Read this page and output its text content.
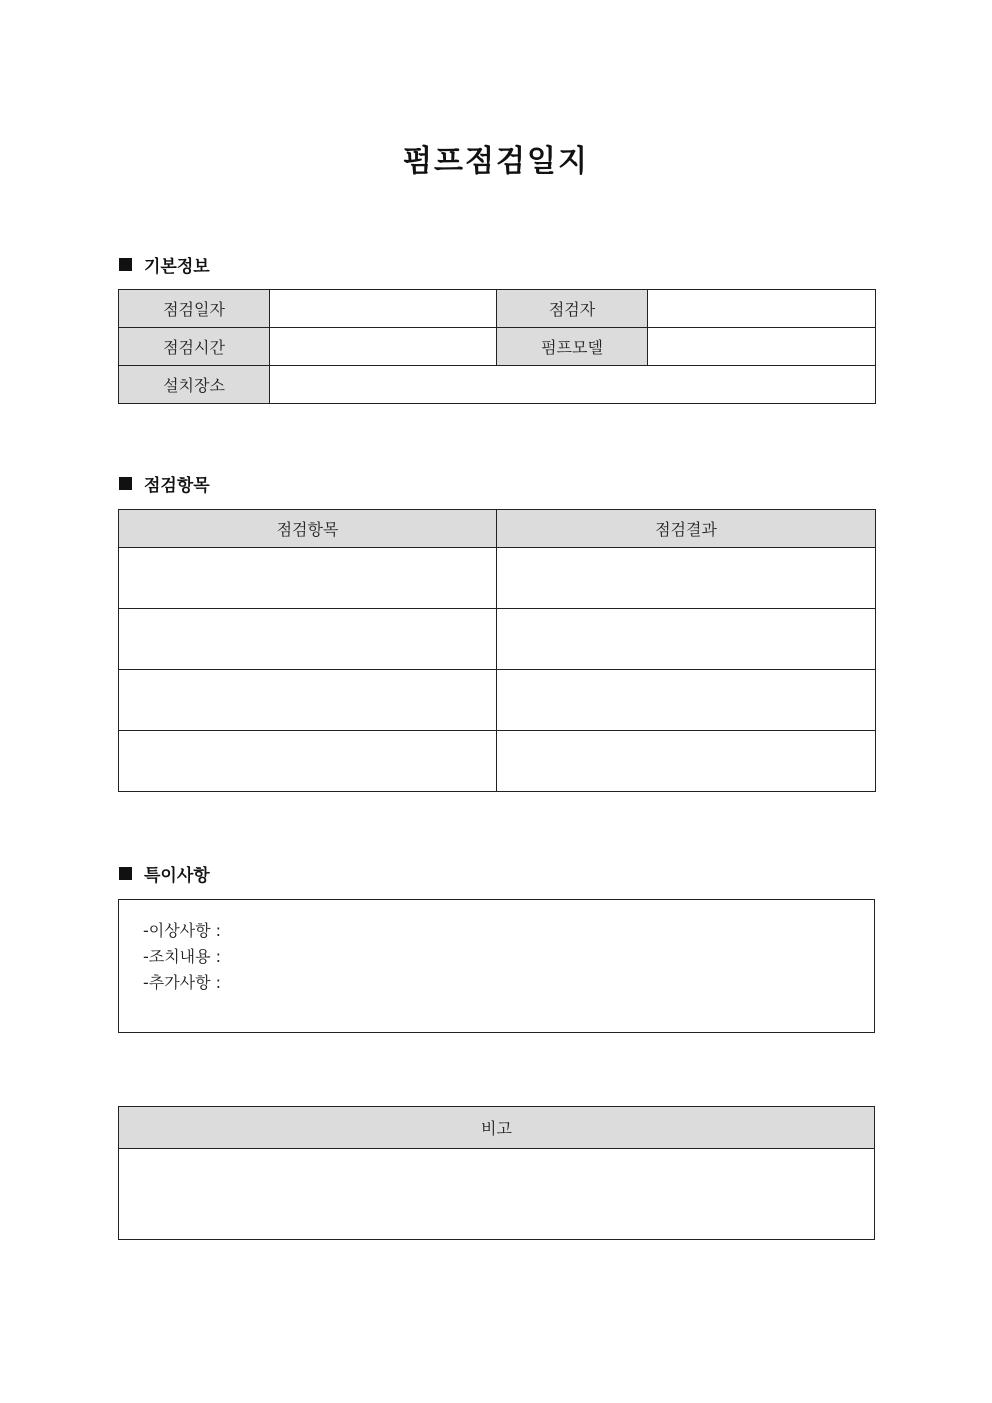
펌프점검일지
기본정보
점검일자		점검자	
점검시간		펌프모델	
설치장소			
점검항목
점검항목	점검결과

특이사항
-이상사항 :
-조치내용 :
-추가사항 :
비고
